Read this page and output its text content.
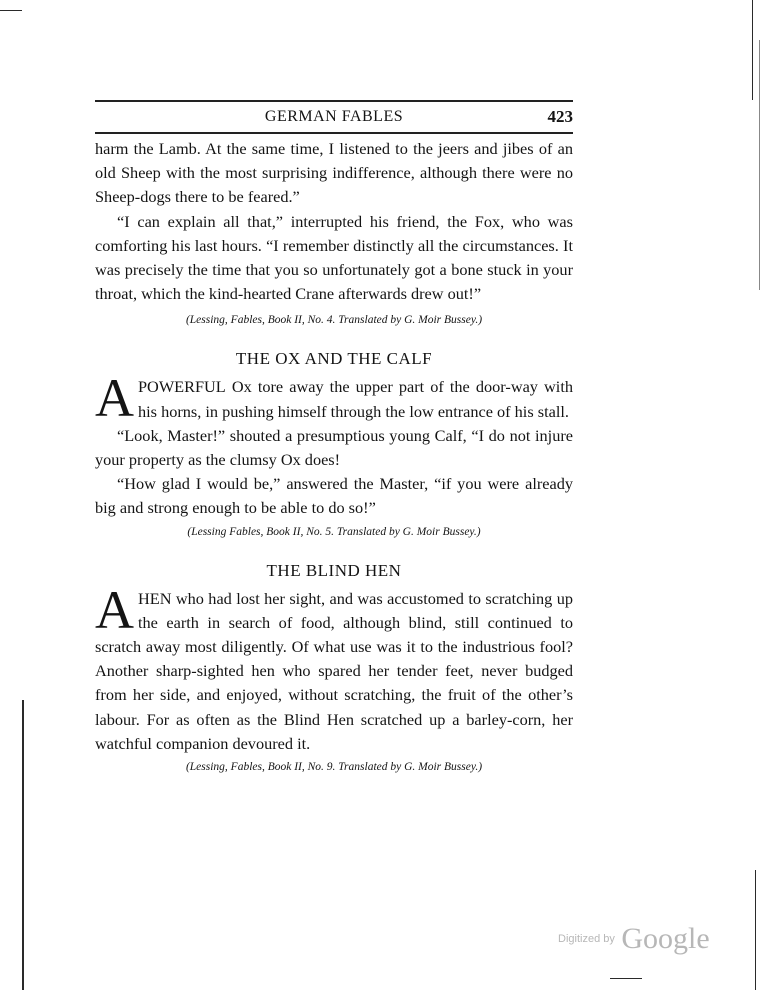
GERMAN FABLES	423

harm the Lamb. At the same time, I listened to the jeers and jibes of an old Sheep with the most surprising indifference, although there were no Sheep-dogs there to be feared.”

“I can explain all that,” interrupted his friend, the Fox, who was comforting his last hours. “I remember distinctly all the circumstances. It was precisely the time that you so unfortunately got a bone stuck in your throat, which the kind-hearted Crane afterwards drew out!”

(Lessing, Fables, Book II, No. 4. Translated by G. Moir Bussey.)

THE OX AND THE CALF

APOWERFUL Ox tore away the upper part of the door-way with his horns, in pushing himself through the low entrance of his stall.

“Look, Master!” shouted a presumptious young Calf, “I do not injure your property as the clumsy Ox does!

“How glad I would be,” answered the Master, “if you were already big and strong enough to be able to do so!”

(Lessing Fables, Book II, No. 5. Translated by G. Moir Bussey.)

THE BLIND HEN

AHEN who had lost her sight, and was accustomed to scratching up the earth in search of food, although blind, still continued to scratch away most diligently. Of what use was it to the industrious fool? Another sharp-sighted hen who spared her tender feet, never budged from her side, and enjoyed, without scratching, the fruit of the other’s labour. For as often as the Blind Hen scratched up a barley-corn, her watchful companion devoured it.

(Lessing, Fables, Book II, No. 9. Translated by G. Moir Bussey.)

Digitized by Google
